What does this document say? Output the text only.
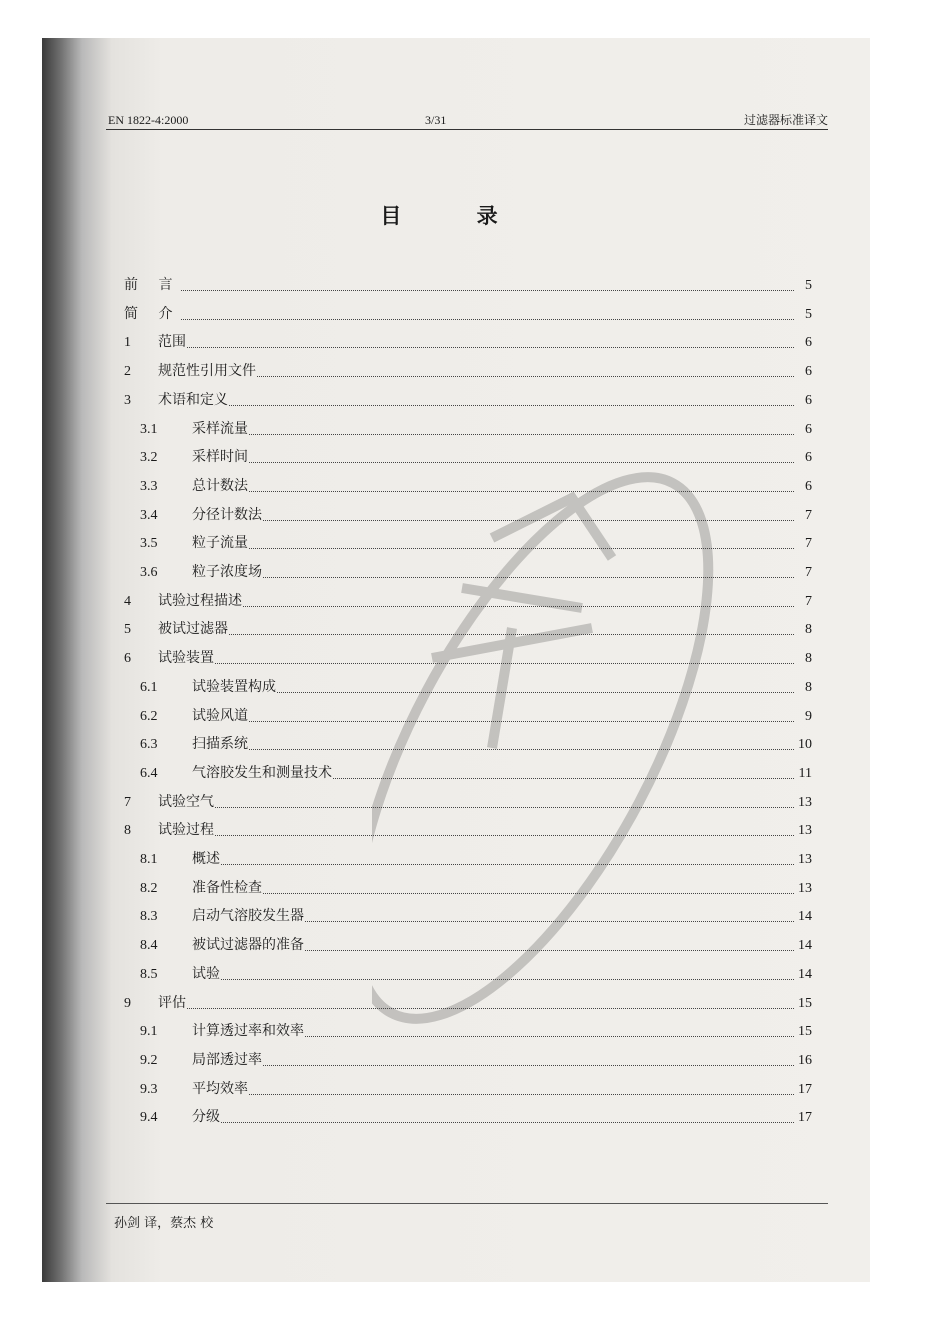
EN 1822-4:2000	3/31	过滤器标准译文
目 录
前 言	5
简 介	5
1 范围	6
2 规范性引用文件	6
3 术语和定义	6
3.1 采样流量	6
3.2 采样时间	6
3.3 总计数法	6
3.4 分径计数法	7
3.5 粒子流量	7
3.6 粒子浓度场	7
4 试验过程描述	7
5 被试过滤器	8
6 试验装置	8
6.1 试验装置构成	8
6.2 试验风道	9
6.3 扫描系统	10
6.4 气溶胶发生和测量技术	11
7 试验空气	13
8 试验过程	13
8.1 概述	13
8.2 准备性检查	13
8.3 启动气溶胶发生器	14
8.4 被试过滤器的准备	14
8.5 试验	14
9 评估	15
9.1 计算透过率和效率	15
9.2 局部透过率	16
9.3 平均效率	17
9.4 分级	17
孙剑 译，蔡杰 校
